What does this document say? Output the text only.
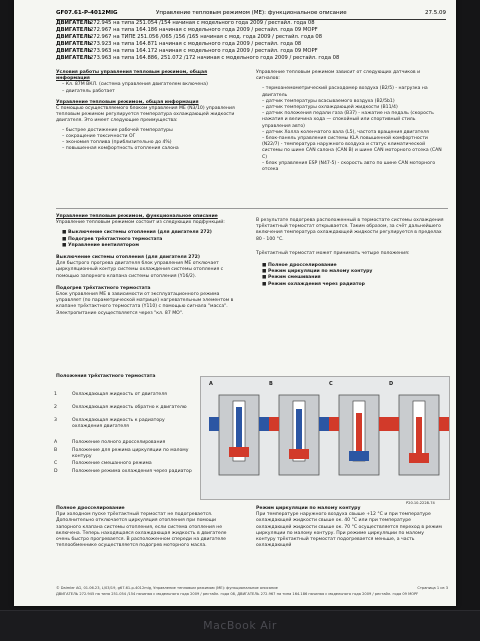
GF07.61-P-4012MIG	Управление тепловым режимом (МЕ): функциональное описание	27.5.09
ДВИГАТЕЛЬ272.945 на типа 251.054 /154 начиная с модельного года 2009 / рестайл. года 08
ДВИГАТЕЛЬ272.967 на типа 164.186 начиная с модельного года 2009 / рестайл. года 09 MOPF
ДВИГАТЕЛЬ272.967 на ТИПЕ 251.056 /065 /156 /165 начиная с мод. года 2009 / рестайл. года 08
ДВИГАТЕЛЬ273.923 на типа 164.871 начиная с модельного года 2009 / рестайл. года 08
ДВИГАТЕЛЬ273.963 на типа 164.172 начиная с модельного года 2009 / рестайл. года 09 MOPF
ДВИГАТЕЛЬ273.963 на типа 164.886, 251.072 /172 начиная с модельного года 2009 / рестайл. года 08

Условия работы управления тепловым режимом, общая информация

– Кл. 87M ВКЛ. (система управления двигателем включена)
– двигатель работает

Управление тепловым режимом, общая информация

С помощью осуществляемого блоком управления МЕ (N3/10) управления тепловым режимом регулируется температура охлаждающей жидкости двигателя. Это имеет следующие преимущества:

– быстрее достижение рабочей температуры
– сокращение токсичности ОГ
– экономия топлива (приблизительно до 4%)
– повышенная комфортность отопления салона

Управление тепловым режимом зависит от следующих датчиков и сигналов:

– термоанемометрический расходомер воздуха (В2/5) - нагрузка на двигатель
– датчик температуры всасываемого воздуха (В2/5b1)
– датчик температуры охлаждающей жидкости (В11/4)
– датчик положения педали газа (В37) - нажатие на педаль (скорость нажатия и величина хода — спокойный или спортивный стиль управления авто)
– датчик Холла коленчатого вала (L5), частота вращения двигателя
– блок-панель управления системы KLA повышенной комфортности (N22/7) - температура наружного воздуха и статус климатической системы по шине CAN салона (CAN B) и шине CAN моторного отсека (CAN C)
– блок управления ESP (N47-5) - скорость авто по шине CAN моторного отсека

Управление тепловым режимом, функциональное описание

Управление тепловым режимом состоит из следующих подфункций:

■ Выключение системы отопления (для двигателя 272)
■ Подогрев трёхтактного термостата
■ Управление вентилятором

Выключение системы отопления (для двигателя 272)

Для быстрого прогрева двигателя блок управления МЕ отключает циркуляционный контур системы охлаждения системы отопления с помощью запорного клапана системы отопления (Y16/2).

Подогрев трёхтактного термостата

Блок управления МЕ в зависимости от эксплуатационного режима управляет (по параметрической матрице) нагревательным элементом в клапане трёхтактного термостата (Y110) с помощью сигнала "масса". Электропитание осуществляется через "кл. 87 МО".

В результате подогрева расположенный в термостате системы охлаждения трёхтактный термостат открывается. Таким образом, за счёт дальнейшего включения температура охлаждающей жидкости регулируется в пределах 80 - 100 °C.

Трёхтактный термостат может принимать четыре положения:

■ Полное дросселирование
■ Режим циркуляции по малому контуру
■ Режим смешивания
■ Режим охлаждения через радиатор
Положения трёхтактного термостата
1	Охлаждающая жидкость от двигателя
2	Охлаждающая жидкость обратно к двигателю
3	Охлаждающая жидкость к радиатору охлаждения двигателя
A	Положение полного дросселирования
B	Положение для режима циркуляции по малому контуру
C	Положение смешанного режима
D	Положение режима охлаждения через радиатор
A	B	C	D
P20.10-2228-74

Полное дросселирование

При холодном пуске трёхтактный термостат не подогревается. Дополнительно отключается циркуляция отопления при помощи запорного клапана системы отопления, если система отопления не включена. Теперь находящаяся охлаждающая жидкость в двигателе очень быстро прогревается. В расположенном спереди на двигателе теплообменнике осуществляется подогрев моторного масла.

Режим циркуляции по малому контуру

При температуре наружного воздуха свыше +12 °С и при температуре охлаждающей жидкости свыше ок. 40 °С или при температуре охлаждающей жидкости свыше ок. 70 °С осуществляется переход в режим циркуляции по малому контуру. При режиме циркуляции по малому контуру трёхтактный термостат подогревается меньше, а часть охлаждающей

© Daimler AG, 01.06.23, L/03/19, g67.61-p-4012mig, Управление тепловым режимом (МЕ): функциональное описание
ДВИГАТЕЛЬ 272.945 на типа 251.054 /154 начиная с модельного года 2009 / рестайл. года 08, ДВИГАТЕЛЬ 272.967 на типа 164.186 начиная с модельного года 2009 / рестайл. года 09 MOPF
Страница 1 из 3
MacBook Air
